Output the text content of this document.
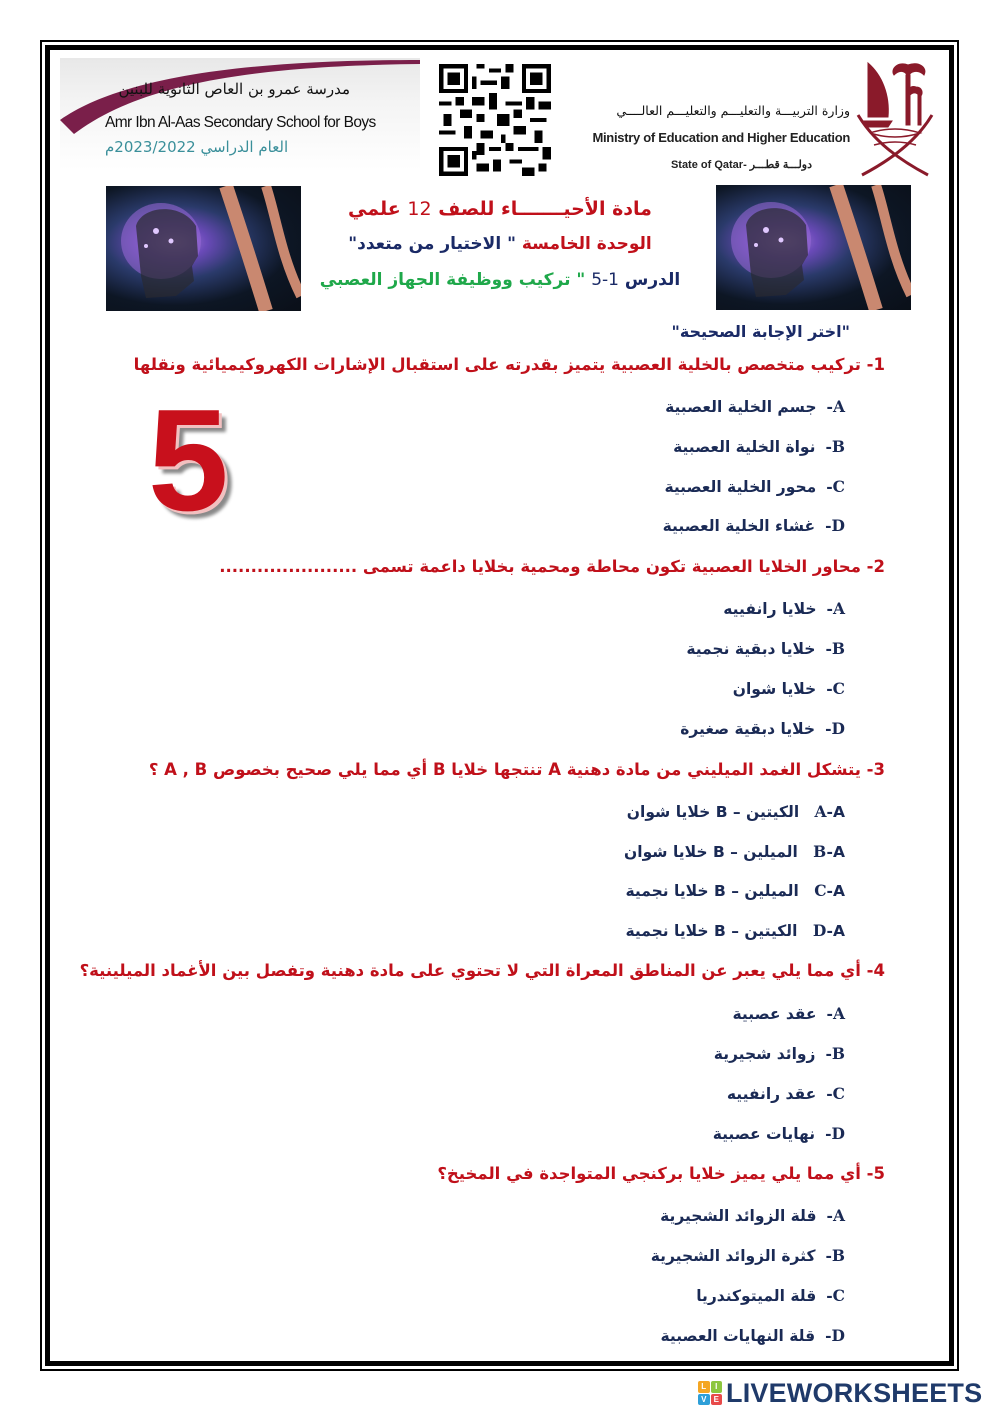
مدرسة عمرو بن العاص الثانوية للبنين
Amr Ibn Al-Aas Secondary School for Boys
العام الدراسي 2023/2022م
وزارة التربيـــة والتعليـــم والتعليـــم العالــــي
Ministry of Education and Higher Education
State of Qatar- دولـــة قطـــر
مادة الأحيـــــــاء للصف 12 علمي
الوحدة الخامسة " الاختيار من متعدد"
الدرس 1-5 " تركيب ووظيفة الجهاز العصبي
"اختر الإجابة الصحيحة"
5
1- تركيب متخصص بالخلية العصبية يتميز بقدرته على استقبال الإشارات الكهروكيميائية ونقلها
A-جسم الخلية العصبية
B-نواة الخلية العصبية
C-محور الخلية العصبية
D-غشاء الخلية العصبية
2- محاور الخلايا العصبية تكون محاطة ومحمية بخلايا داعمة تسمى ......................
A-خلايا رانفييه
B-خلايا دبقية نجمية
C-خلايا شوان
D-خلايا دبقية صغيرة
3- يتشكل الغمد الميليني من مادة دهنية A تنتجها خلايا B أي مما يلي صحيح بخصوص A , B ؟
A-A الكيتين – B خلايا شوان
B-A الميلين – B خلايا شوان
C-A الميلين – B خلايا نجمية
D-A الكيتين – B خلايا نجمية
4- أي مما يلي يعبر عن المناطق المعراة التي لا تحتوي على مادة دهنية وتفصل بين الأغماد الميلينية؟
A-عقد عصبية
B-زوائد شجيرية
C-عقد رانفييه
D-نهايات عصبية
5- أي مما يلي يميز خلايا بركنجي المتواجدة في المخيخ؟
A-قلة الزوائد الشجيرية
B-كثرة الزوائد الشجيرية
C-قلة الميتوكندريا
D-قلة النهايات العصبية
L	I
V E LIVEWORKSHEETS
